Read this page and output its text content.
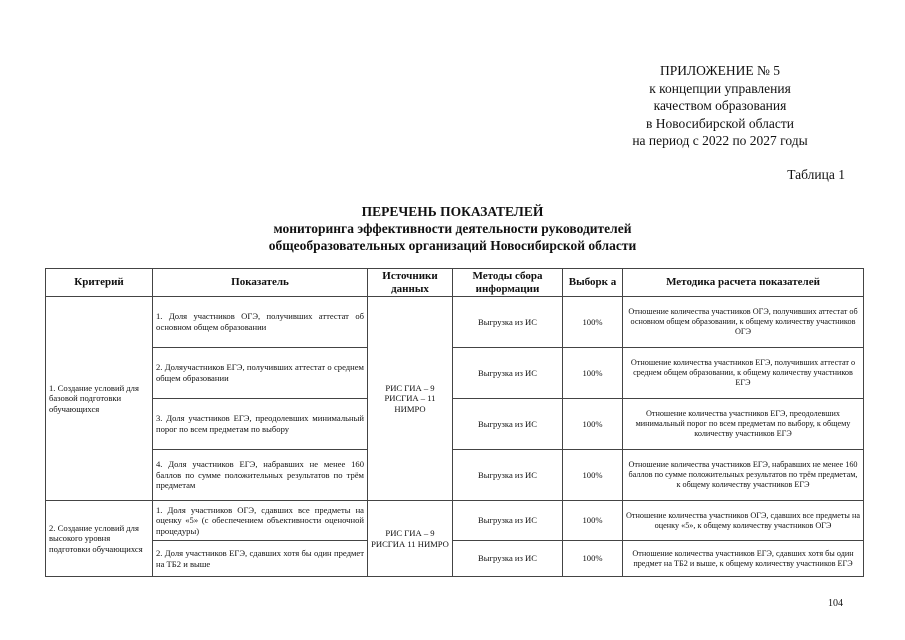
ПРИЛОЖЕНИЕ № 5
к концепции управления
качеством образования
в Новосибирской области
на период с 2022 по 2027 годы
Таблица 1
ПЕРЕЧЕНЬ ПОКАЗАТЕЛЕЙ
мониторинга эффективности деятельности руководителей
общеобразовательных организаций Новосибирской области
Критерий	Показатель	Источники данных	Методы сбора информации	Выборк а	Методика расчета показателей
1. Создание условий для базовой подготовки обучающихся	1. Доля участников ОГЭ, получивших аттестат об основном общем образовании	РИС ГИА – 9 РИСГИА – 11 НИМРО	Выгрузка из ИС	100%	Отношение количества участников ОГЭ, получивших аттестат об основном общем образовании, к общему количеству участников ОГЭ
	2. Доляучастников ЕГЭ, получивших аттестат о среднем общем образовании		Выгрузка из ИС	100%	Отношение количества участников ЕГЭ, получивших аттестат о среднем общем образовании, к общему количеству участников ЕГЭ
	3. Доля участников ЕГЭ, преодолевших минимальный порог по всем предметам по выбору		Выгрузка из ИС	100%	Отношение количества участников ЕГЭ, преодолевших минимальный порог по всем предметам по выбору, к общему количеству участников ЕГЭ
	4. Доля участников ЕГЭ, набравших не менее 160 баллов по сумме положительных результатов по трём предметам		Выгрузка из ИС	100%	Отношение количества участников ЕГЭ, набравших не менее 160 баллов по сумме положительных результатов по трём предметам, к общему количеству участников ЕГЭ
2. Создание условий для высокого уровня подготовки обучающихся	1. Доля участников ОГЭ, сдавших все предметы на оценку «5» (с обеспечением объективности оценочной процедуры)	РИС ГИА – 9 РИСГИА 11 НИМРО	Выгрузка из ИС	100%	Отношение количества участников ОГЭ, сдавших все предметы на оценку «5», к общему количеству участников ОГЭ
	2. Доля участников ЕГЭ, сдавших хотя бы один предмет на ТБ2 и выше		Выгрузка из ИС	100%	Отношение количества участников ЕГЭ, сдавших хотя бы один предмет на ТБ2 и выше, к общему количеству участников ЕГЭ
104
